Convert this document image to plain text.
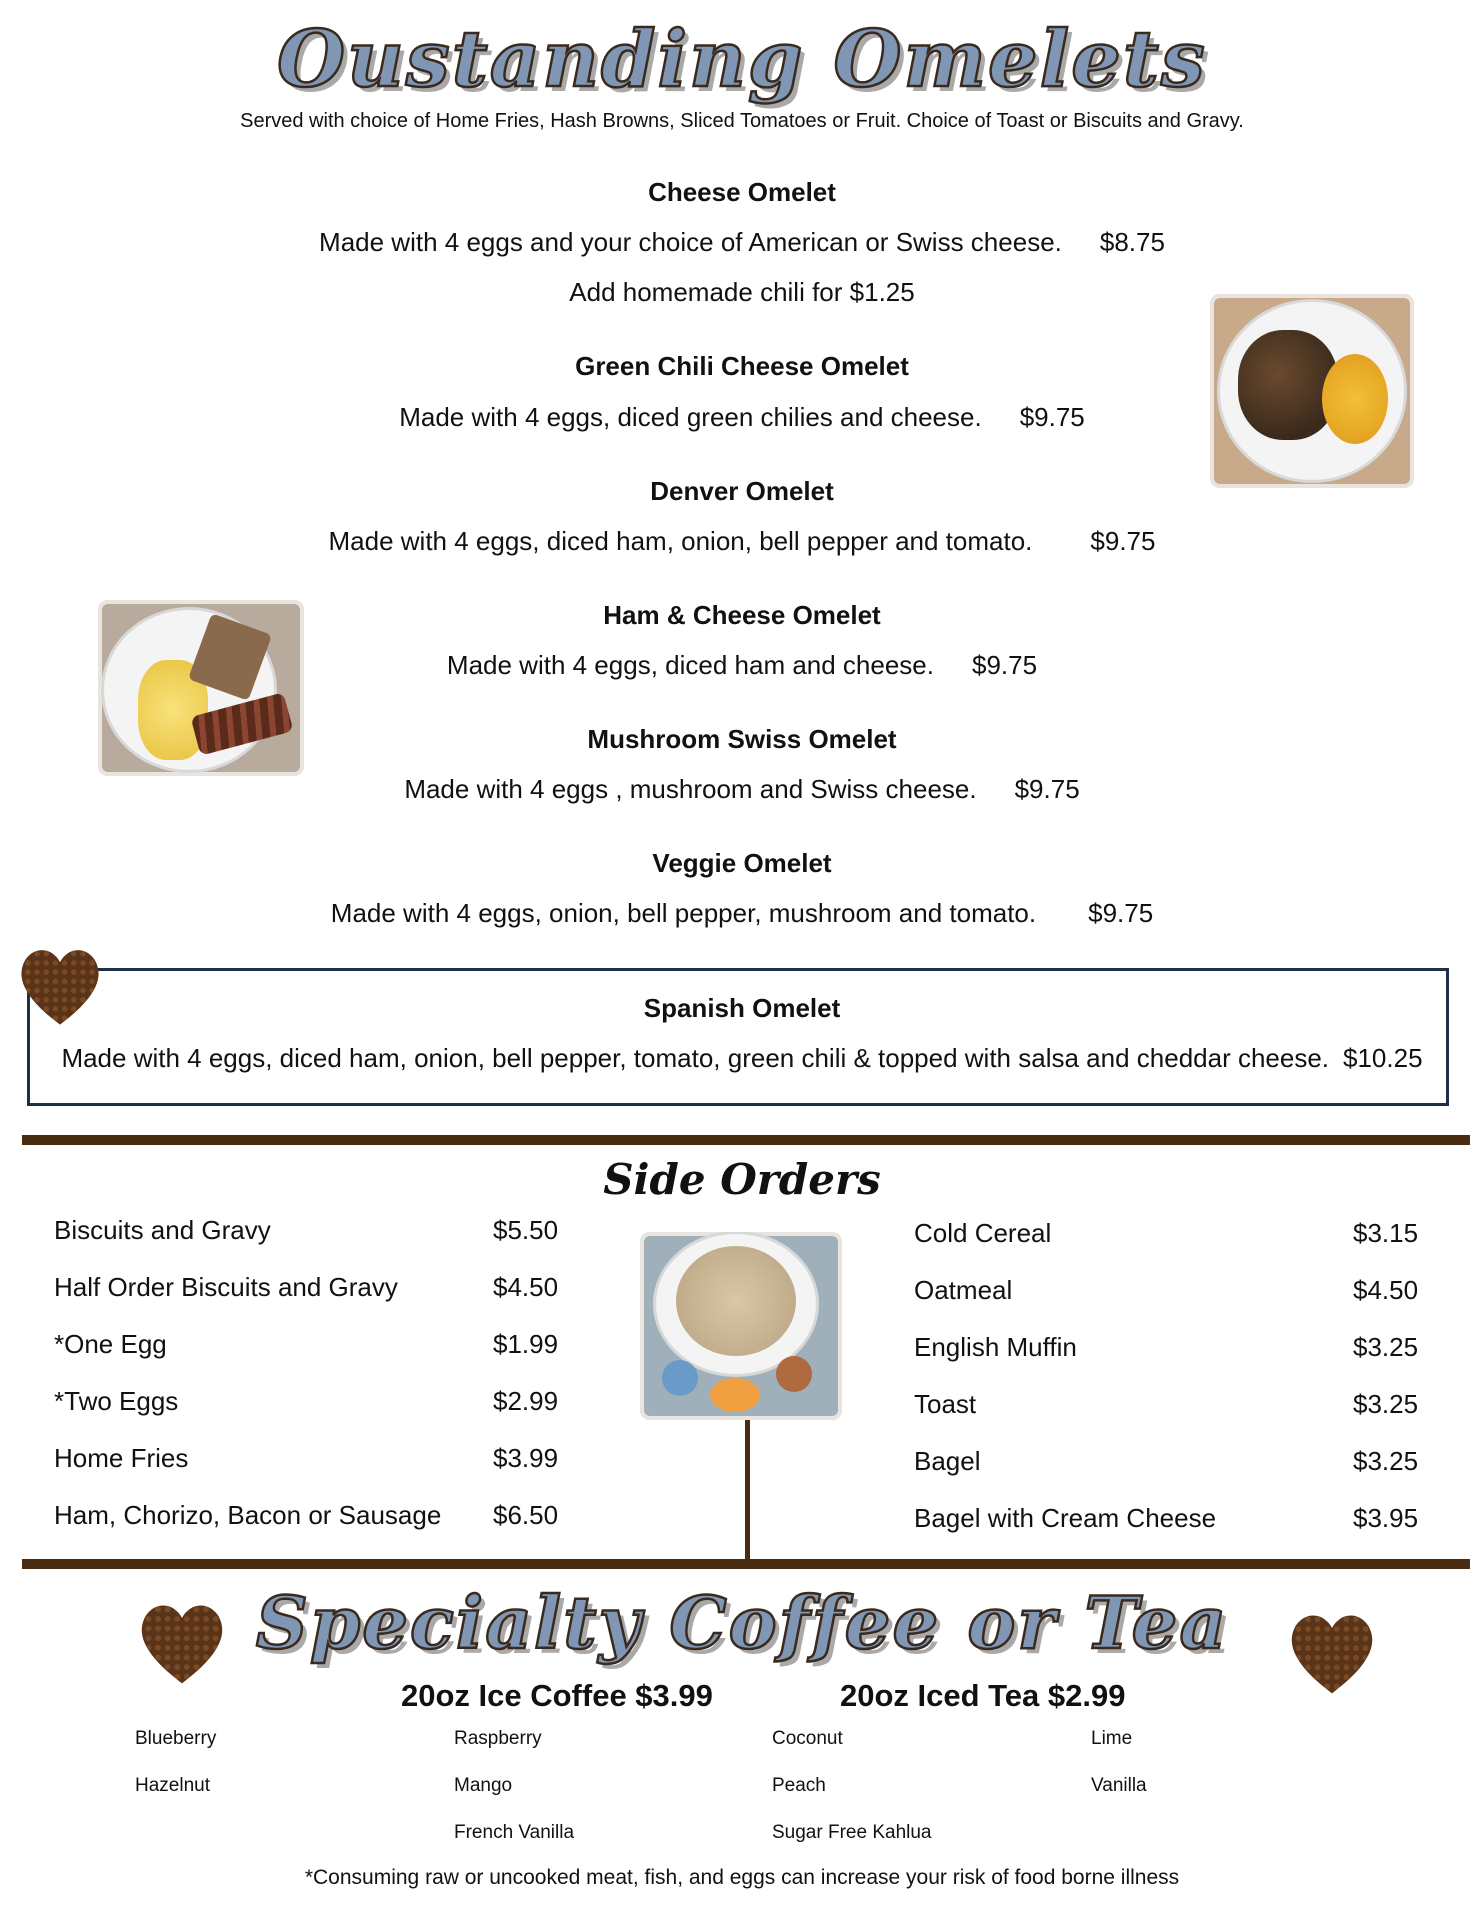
Oustanding Omelets
Served with choice of Home Fries, Hash Browns, Sliced Tomatoes or Fruit. Choice of Toast or Biscuits and Gravy.
Cheese Omelet
Made with 4 eggs and your choice of American or Swiss cheese. $8.75
Add homemade chili for $1.25
Green Chili Cheese Omelet
Made with 4 eggs, diced green chilies and cheese. $9.75
Denver Omelet
Made with 4 eggs, diced ham, onion, bell pepper and tomato. $9.75
Ham & Cheese Omelet
Made with 4 eggs, diced ham and cheese. $9.75
Mushroom Swiss Omelet
Made with 4 eggs , mushroom and Swiss cheese. $9.75
Veggie Omelet
Made with 4 eggs, onion, bell pepper, mushroom and tomato. $9.75
Spanish Omelet
Made with 4 eggs, diced ham, onion, bell pepper, tomato, green chili & topped with salsa and cheddar cheese. $10.25
Side Orders
Biscuits and Gravy	$5.50
Half Order Biscuits and Gravy	$4.50
*One Egg	$1.99
*Two Eggs	$2.99
Home Fries	$3.99
Ham, Chorizo, Bacon or Sausage $6.50
Cold Cereal	$3.15
Oatmeal	$4.50
English Muffin	$3.25
Toast	$3.25
Bagel	$3.25
Bagel with Cream Cheese	$3.95
Specialty Coffee or Tea
20oz Ice Coffee $3.99	20oz Iced Tea $2.99
Blueberry
Hazelnut
Raspberry
Mango
French Vanilla
Coconut
Peach
Sugar Free Kahlua
Lime
Vanilla
*Consuming raw or uncooked meat, fish, and eggs can increase your risk of food borne illness
